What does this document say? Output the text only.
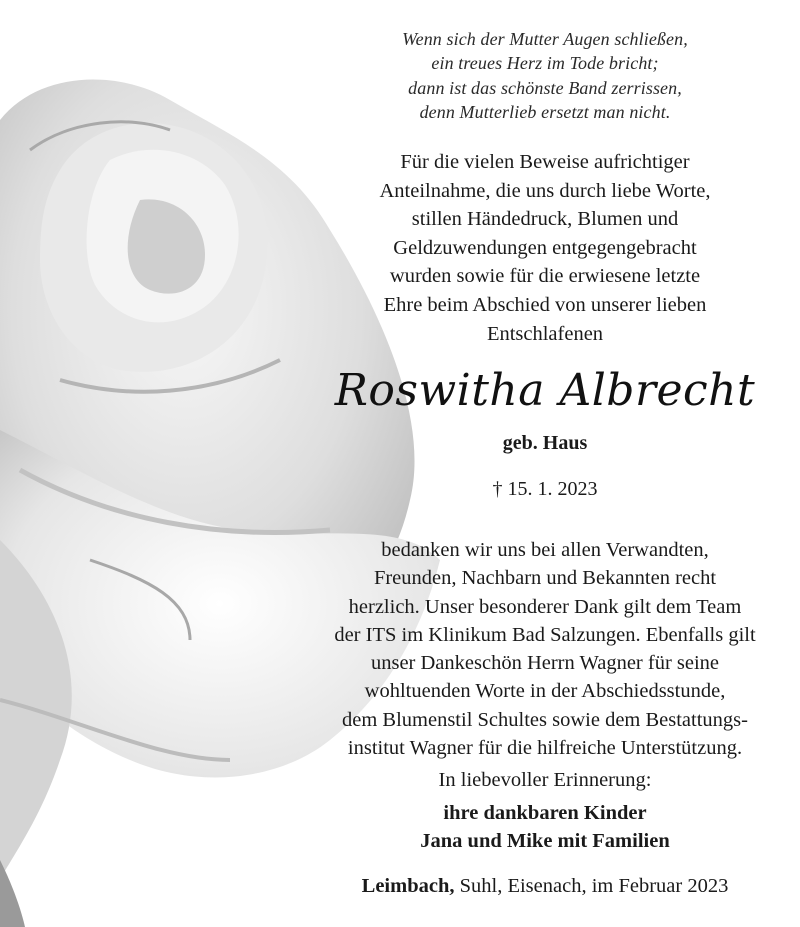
Wenn sich der Mutter Augen schließen,
ein treues Herz im Tode bricht;
dann ist das schönste Band zerrissen,
denn Mutterlieb ersetzt man nicht.
Für die vielen Beweise aufrichtiger
Anteilnahme, die uns durch liebe Worte,
stillen Händedruck, Blumen und
Geldzuwendungen entgegengebracht
wurden sowie für die erwiesene letzte
Ehre beim Abschied von unserer lieben
Entschlafenen
Roswitha Albrecht
geb. Haus
† 15. 1. 2023
bedanken wir uns bei allen Verwandten,
Freunden, Nachbarn und Bekannten recht
herzlich. Unser besonderer Dank gilt dem Team
der ITS im Klinikum Bad Salzungen. Ebenfalls gilt
unser Dankeschön Herrn Wagner für seine
wohltuenden Worte in der Abschiedsstunde,
dem Blumenstil Schultes sowie dem Bestattungs-
institut Wagner für die hilfreiche Unterstützung.
In liebevoller Erinnerung:
ihre dankbaren Kinder
Jana und Mike mit Familien
Leimbach, Suhl, Eisenach, im Februar 2023
